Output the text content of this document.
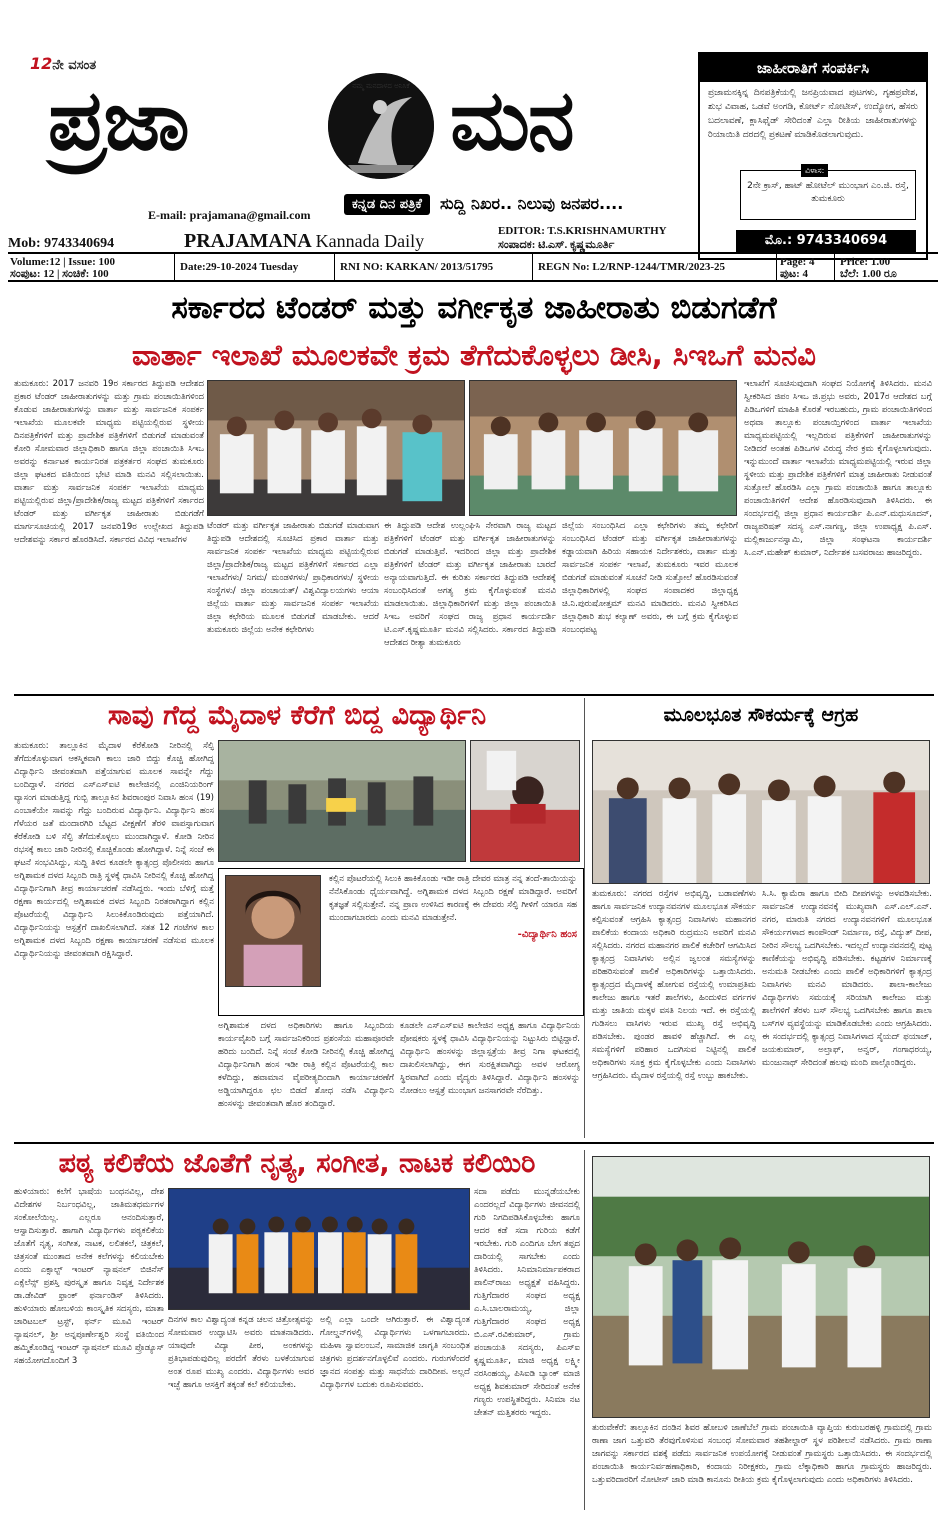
12ನೇ ವಸಂತ
ಪ್ರಜಾ	ಮನ
ನಮ್ಮ ಮನದಾಳದ ಅನಿಸಿಕೆ
ಕನ್ನಡ ದಿನ ಪತ್ರಿಕೆ	ಸುದ್ದಿ ನಿಖರ.. ನಿಲುವು ಜನಪರ....
E-mail: prajamana@gmail.com
Mob: 9743340694	PRAJAMANA Kannada Daily	EDITOR: T.S.KRISHNAMURTHY
ಸಂಪಾದಕ: ಟಿ.ಎಸ್. ಕೃಷ್ಣಮೂರ್ತಿ
ಜಾಹೀರಾತಿಗೆ ಸಂಪರ್ಕಿಸಿ
ಪ್ರಜಾಮನಕ್ಕಿನ್ನ ದಿನಪತ್ರಿಕೆಯಲ್ಲಿ ಜನಪ್ರಿಯವಾದ ಪುಟಗಳು, ಗೃಹಪ್ರವೇಶ, ಶುಭ ವಿವಾಹ, ಒಡವೆ ಅಂಗಡಿ, ಕೋರ್ಟ್ ನೋಟೀಸ್, ಉದ್ಯೋಗ, ಹೆಸರು ಬದಲಾವಣೆ, ಕ್ಲಾಸಿಫೈಡ್ ಸೇರಿದಂತೆ ಎಲ್ಲಾ ರೀತಿಯ ಜಾಹೀರಾತುಗಳನ್ನು ರಿಯಾಯಿತಿ ದರದಲ್ಲಿ ಪ್ರಕಟಣೆ ಮಾಡಿಕೊಡಲಾಗುವುದು.
ವಿಳಾಸ:
2ನೇ ಕ್ರಾಸ್, ಹಾಟ್ ಹೋಟೆಲ್ ಮುಂಭಾಗ ಎಂ.ಜಿ. ರಸ್ತೆ, ತುಮಕೂರು
ಮೊ.: 9743340694
Volume:12 | Issue: 100
ಸಂಪುಟ: 12 | ಸಂಚಿಕೆ: 100
Date:29-10-2024 Tuesday	RNI NO: KARKAN/ 2013/51795	REGN No: L2/RNP-1244/TMR/2023-25	Page: 4
ಪುಟ: 4
Price: 1.00
ಬೆಲೆ: 1.00 ರೂ
ಸರ್ಕಾರದ ಟೆಂಡರ್ ಮತ್ತು ವರ್ಗೀಕೃತ ಜಾಹೀರಾತು ಬಿಡುಗಡೆಗೆ
ವಾರ್ತಾ ಇಲಾಖೆ ಮೂಲಕವೇ ಕ್ರಮ ತೆಗೆದುಕೊಳ್ಳಲು ಡೀಸಿ, ಸಿಇಒಗೆ ಮನವಿ
ತುಮಕೂರು: 2017 ಜನವರಿ 19ರ ಸರ್ಕಾರದ ತಿದ್ದುಪಡಿ ಆದೇಶದ ಪ್ರಕಾರ ಟೆಂಡರ್ ಜಾಹೀರಾತುಗಳನ್ನು ಮತ್ತು ಗ್ರಾಮ ಪಂಚಾಯಿತಿಗಳಿಂದ ಕೊಡುವ ಜಾಹೀರಾತುಗಳನ್ನು ವಾರ್ತಾ ಮತ್ತು ಸಾರ್ವಜನಿಕ ಸಂಪರ್ಕ ಇಲಾಖೆಯ ಮೂಲಕವೇ ಮಾಧ್ಯಮ ಪಟ್ಟಿಯಲ್ಲಿರುವ ಸ್ಥಳೀಯ ದಿನಪತ್ರಿಕೆಗಳಿಗೆ ಮತ್ತು ಪ್ರಾದೇಶಿಕ ಪತ್ರಿಕೆಗಳಿಗೆ ಬಿಡುಗಡೆ ಮಾಡುವಂತೆ ಕೋರಿ ಸೋಮವಾರ ಜಿಲ್ಲಾಧಿಕಾರಿ ಹಾಗೂ ಜಿಲ್ಲಾ ಪಂಚಾಯಿತಿ ಸಿಇಒ ಅವರನ್ನು ಕರ್ನಾಟಕ ಕಾರ್ಯನಿರತ ಪತ್ರಕರ್ತರ ಸಂಘದ ತುಮಕೂರು ಜಿಲ್ಲಾ ಘಟಕದ ವತಿಯಿಂದ ಭೇಟಿ ಮಾಡಿ ಮನವಿ ಸಲ್ಲಿಸಲಾಯಿತು. ವಾರ್ತಾ ಮತ್ತು ಸಾರ್ವಜನಿಕ ಸಂಪರ್ಕ ಇಲಾಖೆಯ ಮಾಧ್ಯಮ ಪಟ್ಟಿಯಲ್ಲಿರುವ ಜಿಲ್ಲಾ/ಪ್ರಾದೇಶಿಕ/ರಾಜ್ಯ ಮಟ್ಟದ ಪತ್ರಿಕೆಗಳಿಗೆ ಸರ್ಕಾರದ ಟೆಂಡರ್ ಮತ್ತು ವರ್ಗೀಕೃತ ಜಾಹೀರಾತು ಬಿಡುಗಡೆಗೆ ಮಾರ್ಗಸೂಚಿಯಲ್ಲಿ 2017 ಜನವರಿ19ರ ಉಲ್ಲೇಖದ ತಿದ್ದುಪಡಿ ಆದೇಶವನ್ನು ಸರ್ಕಾರ ಹೊರಡಿಸಿದೆ. ಸರ್ಕಾರದ ವಿವಿಧ ಇಲಾಖೆಗಳ
ಟೆಂಡರ್ ಮತ್ತು ವರ್ಗೀಕೃತ ಜಾಹೀರಾತು ಬಿಡುಗಡೆ ಮಾಡುವಾಗ ತಿದ್ದುಪಡಿ ಆದೇಶದಲ್ಲಿ ಸೂಚಿಸಿದ ಪ್ರಕಾರ ವಾರ್ತಾ ಮತ್ತು ಸಾರ್ವಜನಿಕ ಸಂಪರ್ಕ ಇಲಾಖೆಯ ಮಾಧ್ಯಮ ಪಟ್ಟಿಯಲ್ಲಿರುವ ಜಿಲ್ಲಾ/ಪ್ರಾದೇಶಿಕ/ರಾಜ್ಯ ಮಟ್ಟದ ಪತ್ರಿಕೆಗಳಿಗೆ ಸರ್ಕಾರದ ಎಲ್ಲಾ ಇಲಾಖೆಗಳು/ ನಿಗಮ/ ಮಂಡಳಿಗಳು/ ಪ್ರಾಧಿಕಾರಗಳು/ ಸ್ಥಳೀಯ ಸಂಸ್ಥೆಗಳು/ ಜಿಲ್ಲಾ ಪಂಚಾಯತ್/ ವಿಶ್ವವಿದ್ಯಾಲಯಗಳು ಆಯಾ ಜಿಲ್ಲೆಯ ವಾರ್ತಾ ಮತ್ತು ಸಾರ್ವಜನಿಕ ಸಂಪರ್ಕ ಇಲಾಖೆಯ ಜಿಲ್ಲಾ ಕಛೇರಿಯ ಮೂಲಕ ಬಿಡುಗಡೆ ಮಾಡಬೇಕು. ಆದರೆ ತುಮಕೂರು ಜಿಲ್ಲೆಯ ಅನೇಕ ಕಛೇರಿಗಳು
ಈ ತಿದ್ದುಪಡಿ ಆದೇಶ ಉಲ್ಲಂಘಿಸಿ ನೇರವಾಗಿ ರಾಜ್ಯ ಮಟ್ಟದ ಪತ್ರಿಕೆಗಳಿಗೆ ಟೆಂಡರ್ ಮತ್ತು ವರ್ಗೀಕೃತ ಜಾಹೀರಾತುಗಳನ್ನು ಬಿಡುಗಡೆ ಮಾಡುತ್ತಿವೆ. ಇದರಿಂದ ಜಿಲ್ಲಾ ಮತ್ತು ಪ್ರಾದೇಶಿಕ ಪತ್ರಿಕೆಗಳಿಗೆ ಟೆಂಡರ್ ಮತ್ತು ವರ್ಗೀಕೃತ ಜಾಹೀರಾತು ಬಾರದೆ ಅನ್ಯಾಯವಾಗುತ್ತಿದೆ. ಈ ಕುರಿತು ಸರ್ಕಾರದ ತಿದ್ದುಪಡಿ ಆದೇಶಕ್ಕೆ ಸಂಬಂಧಿಸಿದಂತೆ ಅಗತ್ಯ ಕ್ರಮ ಕೈಗೊಳ್ಳುವಂತೆ ಮನವಿ ಮಾಡಲಾಯಿತು. ಜಿಲ್ಲಾಧಿಕಾರಿಗಳಿಗೆ ಮತ್ತು ಜಿಲ್ಲಾ ಪಂಚಾಯಿತಿ ಸಿಇಒ ಅವರಿಗೆ ಸಂಘದ ರಾಜ್ಯ ಪ್ರಧಾನ ಕಾರ್ಯದರ್ಶಿ ಟಿ.ಎಸ್.ಕೃಷ್ಣಮೂರ್ತಿ ಮನವಿ ಸಲ್ಲಿಸಿದರು. ಸರ್ಕಾರದ ತಿದ್ದುಪಡಿ ಆದೇಶದ ರೀತ್ಯಾ ತುಮಕೂರು
ಜಿಲ್ಲೆಯ ಸಂಬಂಧಿಸಿದ ಎಲ್ಲಾ ಕಛೇರಿಗಳು ತಮ್ಮ ಕಛೇರಿಗೆ ಸಂಬಂಧಿಸಿದ ಟೆಂಡರ್ ಮತ್ತು ವರ್ಗೀಕೃತ ಜಾಹೀರಾತುಗಳನ್ನು ಕಡ್ಡಾಯವಾಗಿ ಹಿರಿಯ ಸಹಾಯಕ ನಿರ್ದೇಶಕರು, ವಾರ್ತಾ ಮತ್ತು ಸಾರ್ವಜನಿಕ ಸಂಪರ್ಕ ಇಲಾಖೆ, ತುಮಕೂರು ಇವರ ಮೂಲಕ ಬಿಡುಗಡೆ ಮಾಡುವಂತೆ ಸೂಚನೆ ನೀಡಿ ಸುತ್ತೋಲೆ ಹೊರಡಿಸುವಂತೆ ಜಿಲ್ಲಾಧಿಕಾರಿಗಳಲ್ಲಿ ಸಂಘದ ಸಂಪಾದಕರ ಜಿಲ್ಲಾಧ್ಯಕ್ಷ ಚಿ.ನಿ.ಪುರುಷೋತ್ತಮ್ ಮನವಿ ಮಾಡಿದರು. ಮನವಿ ಸ್ವೀಕರಿಸಿದ ಜಿಲ್ಲಾಧಿಕಾರಿ ಶುಭ ಕಲ್ಯಾಣ್ ಅವರು, ಈ ಬಗ್ಗೆ ಕ್ರಮ ಕೈಗೊಳ್ಳುವ ಸಂಬಂಧಪಟ್ಟ
ಇಲಾಖೆಗೆ ಸೂಚಿಸುವುದಾಗಿ ಸಂಘದ ನಿಯೋಗಕ್ಕೆ ತಿಳಿಸಿದರು. ಮನವಿ ಸ್ವೀಕರಿಸಿದ ಜಿಪಂ ಸಿಇಒ ಜಿ.ಪ್ರಭು ಅವರು, 2017ರ ಆದೇಶದ ಬಗ್ಗೆ ಪಿಡಿಒಗಳಿಗೆ ಮಾಹಿತಿ ಕೊರತೆ ಇರಬಹುದು, ಗ್ರಾಮ ಪಂಚಾಯಿತಿಗಳಿಂದ ಅಥವಾ ತಾಲ್ಲೂಕು ಪಂಚಾಯ್ತಿಗಳಿಂದ ವಾರ್ತಾ ಇಲಾಖೆಯ ಮಾಧ್ಯಮಪಟ್ಟಿಯಲ್ಲಿ ಇಲ್ಲದಿರುವ ಪತ್ರಿಕೆಗಳಿಗೆ ಜಾಹೀರಾತುಗಳನ್ನು ನೀಡಿದರೆ ಅಂತಹ ಪಿಡಿಒಗಳ ವಿರುದ್ಧ ನೇರ ಕ್ರಮ ಕೈಗೊಳ್ಳಲಾಗುವುದು. ಇನ್ನುಮುಂದೆ ವಾರ್ತಾ ಇಲಾಖೆಯ ಮಾಧ್ಯಮಪಟ್ಟಿಯಲ್ಲಿ ಇರುವ ಜಿಲ್ಲಾ ಸ್ಥಳೀಯ ಮತ್ತು ಪ್ರಾದೇಶಿಕ ಪತ್ರಿಕೆಗಳಿಗೆ ಮಾತ್ರ ಜಾಹೀರಾತು ನೀಡುವಂತೆ ಸುತ್ತೋಲೆ ಹೊರಡಿಸಿ ಎಲ್ಲಾ ಗ್ರಾಮ ಪಂಚಾಯಿತಿ ಹಾಗೂ ತಾಲ್ಲೂಕು ಪಂಚಾಯಿತಿಗಳಿಗೆ ಆದೇಶ ಹೊರಡಿಸುವುದಾಗಿ ತಿಳಿಸಿದರು. ಈ ಸಂದರ್ಭದಲ್ಲಿ ಜಿಲ್ಲಾ ಪ್ರಧಾನ ಕಾರ್ಯದರ್ಶಿ ಪಿ.ಎನ್.ಮಧುಸೂದನ್, ರಾಜ್ಯಪರಿಷತ್ ಸದಸ್ಯ ಎಸ್.ನಾಗಣ್ಣ, ಜಿಲ್ಲಾ ಉಪಾಧ್ಯಕ್ಷ ಪಿ.ಎಸ್. ಮಲ್ಲಿಕಾರ್ಜುನಸ್ವಾಮಿ, ಜಿಲ್ಲಾ ಸಂಘಟನಾ ಕಾರ್ಯದರ್ಶಿ ಸಿ.ಎನ್.ಮಹೇಶ್ ಕುಮಾರ್, ನಿರ್ದೇಶಕ ಬಸವರಾಜು ಹಾಜರಿದ್ದರು.
ಸಾವು ಗೆದ್ದ ಮೈದಾಳ ಕೆರೆಗೆ ಬಿದ್ದ ವಿದ್ಯಾರ್ಥಿನಿ
ತುಮಕೂರು: ತಾಲ್ಲೂಕಿನ ಮೈದಾಳ ಕೆರೆಕೋಡಿ ನೀರಿನಲ್ಲಿ ಸೆಲ್ಫಿ ತೆಗೆದುಕೊಳ್ಳುವಾಗ ಆಕಸ್ಮಿಕವಾಗಿ ಕಾಲು ಜಾರಿ ಬಿದ್ದು ಕೊಚ್ಚಿ ಹೋಗಿದ್ದ ವಿದ್ಯಾರ್ಥಿನಿ ಜೀವಂತವಾಗಿ ಪತ್ತೆಯಾಗುವ ಮೂಲಕ ಸಾವನ್ನೇ ಗೆದ್ದು ಬಂದಿದ್ದಾಳೆ. ನಗರದ ಎಸ್‌ಎಸ್‌ಐಟಿ ಕಾಲೇಜಿನಲ್ಲಿ ಎಂಜಿನಿಯರಿಂಗ್ ವ್ಯಾಸಂಗ ಮಾಡುತ್ತಿದ್ದ ಗುಬ್ಬಿ ತಾಲ್ಲೂಕಿನ ಶಿವರಾಂಪುರ ನಿವಾಸಿ ಹಂಸ (19) ಎಂಬಾಕೆಯೇ ಸಾವನ್ನು ಗೆದ್ದು ಬಂದಿರುವ ವಿದ್ಯಾರ್ಥಿನಿ. ವಿದ್ಯಾರ್ಥಿನಿ ಹಂಸ ಗೆಳೆಯರ ಜತೆ ಮಂದಾರಗಿರಿ ಬೆಟ್ಟದ ವೀಕ್ಷಣೆಗೆ ತೆರಳಿ ವಾಪಸ್ಸಾಗುವಾಗ ಕೆರೆಕೋಡಿ ಬಳಿ ಸೆಲ್ಫಿ ತೆಗೆದುಕೊಳ್ಳಲು ಮುಂದಾಗಿದ್ದಾಳೆ. ಕೋಡಿ ನೀರಿನ ರಭಸಕ್ಕೆ ಕಾಲು ಜಾರಿ ನೀರಿನಲ್ಲಿ ಕೊಚ್ಚಿಕೊಂಡು ಹೋಗಿದ್ದಾಳೆ. ನಿನ್ನೆ ಸಂಜೆ ಈ ಘಟನೆ ಸಂಭವಿಸಿದ್ದು, ಸುದ್ದಿ ತಿಳಿದ ಕೂಡಲೇ ಕ್ಯಾತ್ಸಂದ್ರ ಪೊಲೀಸರು ಹಾಗೂ ಅಗ್ನಿಶಾಮಕ ದಳದ ಸಿಬ್ಬಂದಿ ರಾತ್ರಿ ಸ್ಥಳಕ್ಕೆ ಧಾವಿಸಿ ನೀರಿನಲ್ಲಿ ಕೊಚ್ಚಿ ಹೋಗಿದ್ದ ವಿದ್ಯಾರ್ಥಿನಿಗಾಗಿ ತೀವ್ರ ಕಾರ್ಯಾಚರಣೆ ನಡೆಸಿದ್ದರು. ಇಂದು ಬೆಳಿಗ್ಗೆ ಮತ್ತೆ ರಕ್ಷಣಾ ಕಾರ್ಯದಲ್ಲಿ ಅಗ್ನಿಶಾಮಕ ದಳದ ಸಿಬ್ಬಂದಿ ನಿರತರಾಗಿದ್ದಾಗ ಕಲ್ಲಿನ ಪೊಟರೆಯಲ್ಲಿ ವಿದ್ಯಾರ್ಥಿನಿ ಸಿಲುಕಿಕೊಂಡಿರುವುದು ಪತ್ತೆಯಾಗಿದೆ. ವಿದ್ಯಾರ್ಥಿನಿಯನ್ನು ಆಸ್ಪತ್ರೆಗೆ ದಾಖಲಿಸಲಾಗಿದೆ. ಸತತ 12 ಗಂಟೆಗಳ ಕಾಲ ಅಗ್ನಿಶಾಮಕ ದಳದ ಸಿಬ್ಬಂದಿ ರಕ್ಷಣಾ ಕಾರ್ಯಾಚರಣೆ ನಡೆಸುವ ಮೂಲಕ ವಿದ್ಯಾರ್ಥಿನಿಯನ್ನು ಜೀವಂತವಾಗಿ ರಕ್ಷಿಸಿದ್ದಾರೆ.
ಕಲ್ಲಿನ ಪೊಟರೆಯಲ್ಲಿ ಸಿಲುಕಿ ಹಾಕಿಕೊಂಡು ಇಡೀ ರಾತ್ರಿ ದೇವರ ಮಾತ್ರ ನನ್ನ ತಂದೆ-ತಾಯಿಯನ್ನು ನೆನೆಸಿಕೊಂಡು ಧೈರ್ಯವಾಗಿದ್ದೆ. ಅಗ್ನಿಶಾಮಕ ದಳದ ಸಿಬ್ಬಂದಿ ರಕ್ಷಣೆ ಮಾಡಿದ್ದಾರೆ. ಅವರಿಗೆ ಕೃತಜ್ಞತೆ ಸಲ್ಲಿಸುತ್ತೇನೆ. ನನ್ನ ಪ್ರಾಣ ಉಳಿಸಿದ ಕಾರಣಕ್ಕೆ ಈ ದೇವರು ಸೆಲ್ಫಿ ಗೀಳಿಗೆ ಯಾರೂ ಸಹ ಮುಂದಾಗಬಾರದು ಎಂದು ಮನವಿ ಮಾಡುತ್ತೇನೆ.
-ವಿದ್ಯಾರ್ಥಿನಿ ಹಂಸ
ಅಗ್ನಿಶಾಮಕ ದಳದ ಅಧಿಕಾರಿಗಳು ಹಾಗೂ ಸಿಬ್ಬಂದಿಯ ಕಾರ್ಯವೈಖರಿ ಬಗ್ಗೆ ಸಾರ್ವಜನಿಕರಿಂದ ಪ್ರಶಂಸೆಯ ಮಹಾಪೂರವೇ ಹರಿದು ಬಂದಿದೆ. ನಿನ್ನೆ ಸಂಜೆ ಕೋಡಿ ನೀರಿನಲ್ಲಿ ಕೊಚ್ಚಿ ಹೋಗಿದ್ದ ವಿದ್ಯಾರ್ಥಿನಿಗಾಗಿ ಹಂಸ ಇಡೀ ರಾತ್ರಿ ಕಲ್ಲಿನ ಪೊಟರೆಯಲ್ಲಿ ಕಾಲ ಕಳೆದಿದ್ದು, ಹವಾಮಾನ ವೈಪರೀತ್ಯದಿಂದಾಗಿ ಕಾರ್ಯಾಚರಣೆಗೆ ಅಡ್ಡಿಯಾಗಿದ್ದರೂ ಛಲ ಬಿಡದೆ ಶೋಧ ನಡೆಸಿ ವಿದ್ಯಾರ್ಥಿನಿ ಹಂಸಳನ್ನು ಜೀವಂತವಾಗಿ ಹೊರ ತಂದಿದ್ದಾರೆ.
ಕೂಡಲೇ ಎಸ್‌ಎಸ್‌ಐಟಿ ಕಾಲೇಜಿನ ಅಧ್ಯಕ್ಷ ಹಾಗೂ ವಿದ್ಯಾರ್ಥಿನಿಯ ಪೋಷಕರು ಸ್ಥಳಕ್ಕೆ ಧಾವಿಸಿ ವಿದ್ಯಾರ್ಥಿನಿಯನ್ನು ನಿಟ್ಟುಸಿರು ಬಿಟ್ಟಿದ್ದಾರೆ. ವಿದ್ಯಾರ್ಥಿನಿ ಹಂಸಳನ್ನು ಜಿಲ್ಲಾಸ್ಪತ್ರೆಯ ತೀವ್ರ ನಿಗಾ ಘಟಕದಲ್ಲಿ ದಾಖಲಿಸಲಾಗಿದ್ದು, ಈಗ ಸುರಕ್ಷಿತವಾಗಿದ್ದು ಅವಳ ಆರೋಗ್ಯ ಸ್ಥಿರವಾಗಿದೆ ಎಂದು ವೈದ್ಯರು ತಿಳಿಸಿದ್ದಾರೆ. ವಿದ್ಯಾರ್ಥಿನಿ ಹಂಸಳನ್ನು ನೋಡಲು ಆಸ್ಪತ್ರೆ ಮುಂಭಾಗ ಜನಸಾಗರವೇ ನೆರೆದಿತ್ತು.
ಮೂಲಭೂತ ಸೌಕರ್ಯಕ್ಕೆ ಆಗ್ರಹ
ತುಮಕೂರು: ನಗರದ ರಸ್ತೆಗಳ ಅಭಿವೃದ್ಧಿ, ಬಡಾವಣೆಗಳು ಹಾಗೂ ಸಾರ್ವಜನಿಕ ಉದ್ಯಾನವನಗಳ ಮೂಲಭೂತ ಸೌಕರ್ಯ ಕಲ್ಪಿಸುವಂತೆ ಆಗ್ರಹಿಸಿ ಕ್ಯಾತ್ಸಂದ್ರ ನಿವಾಸಿಗಳು ಮಹಾನಗರ ಪಾಲಿಕೆಯ ಕಂದಾಯ ಅಧಿಕಾರಿ ರುದ್ರಮುನಿ ಅವರಿಗೆ ಮನವಿ ಸಲ್ಲಿಸಿದರು. ನಗರದ ಮಹಾನಗರ ಪಾಲಿಕೆ ಕಚೇರಿಗೆ ಆಗಮಿಸಿದ ಕ್ಯಾತ್ಸಂದ್ರ ನಿವಾಸಿಗಳು ಅಲ್ಲಿನ ಜ್ವಲಂತ ಸಮಸ್ಯೆಗಳನ್ನು ಪರಿಹರಿಸುವಂತೆ ಪಾಲಿಕೆ ಅಧಿಕಾರಿಗಳನ್ನು ಒತ್ತಾಯಿಸಿದರು. ಕ್ಯಾತ್ಸಂದ್ರದ ಮೈದಾಳಕ್ಕೆ ಹೋಗುವ ರಸ್ತೆಯಲ್ಲಿ ಉಮಾಪ್ರತಿಮ ಕಾಲೇಜು ಹಾಗೂ ಇತರೆ ಶಾಲೆಗಳು, ಹಿಂದುಳಿದ ವರ್ಗಗಳ ಮತ್ತು ಜಾತಿಯ ಮಕ್ಕಳ ವಸತಿ ನಿಲಯ ಇದೆ. ಈ ರಸ್ತೆಯಲ್ಲಿ ಗುಡಿಸಲು ವಾಸಿಗಳು ಇರುವ ಮುಖ್ಯ ರಸ್ತೆ ಅಭಿವೃದ್ಧಿ ಪಡಿಸಬೇಕು. ಪುಂಡರ ಹಾವಳಿ ಹೆಚ್ಚಾಗಿದೆ. ಈ ಎಲ್ಲ ಸಮಸ್ಯೆಗಳಿಗೆ ಪರಿಹಾರ ಒದಗಿಸುವ ನಿಟ್ಟಿನಲ್ಲಿ ಪಾಲಿಕೆ ಅಧಿಕಾರಿಗಳು ಸೂಕ್ತ ಕ್ರಮ ಕೈಗೊಳ್ಳಬೇಕು ಎಂದು ನಿವಾಸಿಗಳು ಆಗ್ರಹಿಸಿದರು. ಮೈದಾಳ ರಸ್ತೆಯಲ್ಲಿ ರಸ್ತೆ ಉಬ್ಬು ಹಾಕಬೇಕು.
ಸಿ.ಸಿ. ಕ್ಯಾಮೆರಾ ಹಾಗೂ ಬೀದಿ ದೀಪಗಳನ್ನು ಅಳವಡಿಸಬೇಕು. ಸಾರ್ವಜನಿಕ ಉದ್ಯಾನವನಕ್ಕೆ ಮುಖ್ಯವಾಗಿ ಎಸ್.ಎಲ್.ಎನ್. ನಗರ, ಮಾರುತಿ ನಗರದ ಉದ್ಯಾನವನಗಳಿಗೆ ಮೂಲಭೂತ ಸೌಕರ್ಯಗಳಾದ ಕಾಂಪೌಂಡ್ ನಿರ್ಮಾಣ, ರಸ್ತೆ, ವಿದ್ಯುತ್ ದೀಪ, ನೀರಿನ ಸೌಲಭ್ಯ ಒದಗಿಸಬೇಕು. ಇದಲ್ಲದೆ ಉದ್ಯಾನವನದಲ್ಲಿ ಪುಟ್ಟ ಕಾಣಿಕೆಯನ್ನು ಅಭಿವೃದ್ಧಿ ಪಡಿಸಬೇಕು. ಕಟ್ಟಡಗಳ ನಿರ್ಮಾಣಕ್ಕೆ ಅನುಮತಿ ನೀಡಬೇಕು ಎಂದು ಪಾಲಿಕೆ ಅಧಿಕಾರಿಗಳಿಗೆ ಕ್ಯಾತ್ಸಂದ್ರ ನಿವಾಸಿಗಳು ಮನವಿ ಮಾಡಿದರು. ಶಾಲಾ-ಕಾಲೇಜು ವಿದ್ಯಾರ್ಥಿಗಳು ಸಮಯಕ್ಕೆ ಸರಿಯಾಗಿ ಕಾಲೇಜು ಮತ್ತು ಶಾಲೆಗಳಿಗೆ ತೆರಳು ಬಸ್ ಸೌಲಭ್ಯ ಒದಗಿಸಬೇಕು ಹಾಗೂ ಶಾಲಾ ಬಸ್‌ಗಳ ವ್ಯವಸ್ಥೆಯನ್ನು ಮಾಡಿಕೊಡಬೇಕು ಎಂದು ಆಗ್ರಹಿಸಿದರು. ಈ ಸಂದರ್ಭದಲ್ಲಿ ಕ್ಯಾತ್ಸಂದ್ರ ನಿವಾಸಿಗಳಾದ ಸೈಯದ್ ಫಯಾಜ್, ಜಯಕುಮಾರ್, ಅಲ್ತಾಫ್, ಅನ್ವರ್, ಗಂಗಾಧರಯ್ಯ, ಮಂಜುನಾಥ್ ಸೇರಿದಂತೆ ಹಲವು ಮಂದಿ ಪಾಲ್ಗೊಂಡಿದ್ದರು.
ಪಠ್ಯ ಕಲಿಕೆಯ ಜೊತೆಗೆ ನೃತ್ಯ, ಸಂಗೀತ, ನಾಟಕ ಕಲಿಯಿರಿ
ಹುಳಿಯಾರು: ಕಲೆಗೆ ಭಾಷೆಯ ಬಂಧನವಿಲ್ಲ, ದೇಶ ವಿದೇಶಗಳ ನಿರ್ಬಂಧವಿಲ್ಲ, ಜಾತಿಮತಧರ್ಮಗಳ ಸಂಕೋಲೆಯಿಲ್ಲ. ಎಲ್ಲರೂ ಆನಂದಿಸುತ್ತಾರೆ, ಆಸ್ವಾದಿಸುತ್ತಾರೆ. ಹಾಗಾಗಿ ವಿದ್ಯಾರ್ಥಿಗಳು ಪಠ್ಯಕಲಿಕೆಯ ಜೊತೆಗೆ ನೃತ್ಯ, ಸಂಗೀತ, ನಾಟಕ, ಲಲಿತಕಲೆ, ಚಿತ್ರಕಲೆ, ಚಿತ್ರಸಂತೆ ಮುಂತಾದ ಅನೇಕ ಕಲೆಗಳನ್ನು ಕಲಿಯಬೇಕು ಎಂದು ಎಕ್ಸಾಲ್ಟ್ ಇಂಟರ್ ನ್ಯಾಷನಲ್ ಬಿಜಿನೆಸ್ ಎಕ್ಸೆಲೆನ್ಸ್ ಪ್ರಶಸ್ತಿ ಪುರಸ್ಕೃತ ಹಾಗೂ ನಿವೃತ್ತ ನಿರ್ದೇಶಕ ಡಾ.ಡೇವಿಡ್ ಫ್ರಾಂಕ್ ಫರ್ನಾಂಡಿಸ್ ತಿಳಿಸಿದರು. ಹುಳಿಯಾರು ಹೋಬಳಿಯ ಕಾಂಸ್ಕೃತಿಕ ಸದಸ್ಯರು, ಮಾತಾ ಚಾರಿಟಬಲ್ ಟ್ರಸ್ಟ್, ಫರ್ನ್ ಮೂವಿ ಇಂಟರ್ ನ್ಯಾಷನಲ್, ಶ್ರೀ ಅನ್ನಪೂರ್ಣೇಶ್ವರಿ ಸಂಸ್ಥೆ ವತಿಯಿಂದ ಹಮ್ಮಿಕೊಂಡಿದ್ದ ಇಂಟರ್ ನ್ಯಾಷನಲ್ ಮೂವಿ ಪ್ರೊಡ್ಯೂಸ್ ಸಹಯೋಗದೊಂದಿಗೆ 3
ದಿನಗಳ ಕಾಲ ವಿಶ್ವಾದ್ಯಂತ ಕನ್ನಡ ಚಲನ ಚಿತ್ರೋತ್ಸವನ್ನು ಸೋಮವಾರ ಉದ್ಘಾಟಿಸಿ ಅವರು ಮಾತನಾಡಿದರು. ಯಾವುದೇ ವಿದ್ಯಾ ಪೀಠ, ಅಂಕಗಳನ್ನು ಪ್ರತಿಭಾಪಡುವುದಿಲ್ಲ ಪರದೆಗೆ ತೆರಳು ಬಳಕೆಯಾಗುವ ಅಂತ ರೂಪ ಮುಖ್ಯ ಎಂದರು. ವಿದ್ಯಾರ್ಥಿಗಳು ಅವರ ಇಚ್ಛೆ ಹಾಗೂ ಆಸಕ್ತಿಗೆ ತಕ್ಕಂತೆ ಕಲೆ ಕಲಿಯಬೇಕು.
ಅಲ್ಲಿ ಎಲ್ಲಾ ಒಂದೇ ಆಗಿರುತ್ತಾರೆ. ಈ ವಿಶ್ವಾದ್ಯಂತ ಗೋಲ್ಡನ್‌ಗಳಲ್ಲಿ ವಿದ್ಯಾರ್ಥಿಗಳು ಒಳಗಾಗಬಾರದು. ಮಹಿಳಾ ಸ್ವಾವಲಂಬನೆ, ಸಾಮಾಜಿಕ ಜಾಗೃತಿ ಸಂಬಂಧಿತ ಚಿತ್ರಗಳು ಪ್ರದರ್ಶನಗೊಳ್ಳಲಿವೆ ಎಂದರು. ಗುರುಗಳೆಂದರೆ ಜ್ಞಾನದ ಸಂಪತ್ತು ಮತ್ತು ಸಾಧನೆಯ ದಾರಿದೀಪ. ಅಲ್ಲದೆ ವಿದ್ಯಾರ್ಥಿಗಳ ಬದುಕು ರೂಪಿಸುವವರು.
ಸದಾ ಪಡೆದು ಮುನ್ನಡೆಯಬೇಕು ಎಂದರಲ್ಲದೆ ವಿದ್ಯಾರ್ಥಿಗಳು ಜೀವನದಲ್ಲಿ ಗುರಿ ನಿಗದಿಪಡಿಸಿಕೊಳ್ಳಬೇಕು ಹಾಗೂ ಆದರ ಕಡೆ ಸದಾ ಗುರಿಯ ಕಡೆಗೆ ಇರಬೇಕು. ಗುರಿ ಎಂದಿಗೂ ಬೇಗ ತಪ್ಪದ ದಾರಿಯಲ್ಲಿ ಸಾಗಬೇಕು ಎಂದು ತಿಳಿಸಿದರು. ಸಿನಿಮಾನಿರ್ಮಾಪಕರಾದ ಪಾಲಿನ್‌ರಾಜು ಅಧ್ಯಕ್ಷತೆ ವಹಿಸಿದ್ದರು. ಗುತ್ತಿಗೆದಾರರ ಸಂಘದ ಅಧ್ಯಕ್ಷ ಎ.ಸಿ.ಬಾಲರಾಮಯ್ಯ, ಜಿಲ್ಲಾ ಗುತ್ತಿಗೆದಾರರ ಸಂಘದ ಅಧ್ಯಕ್ಷ ಬಿ.ಎಸ್.ರವಿಕುಮಾರ್, ಗ್ರಾಮ ಪಂಚಾಯತಿ ಸದಸ್ಯರು, ಪಿಎಸ್‌ಐ ಕೃಷ್ಣಮೂರ್ತಿ, ಮಾಜಿ ಅಧ್ಯಕ್ಷ ಲಕ್ಷ್ಮೀ ನರಸಿಂಹಯ್ಯ, ಪಿಸಿಐಡಿ ಬ್ಯಾಂಕ್ ಮಾಜಿ ಅಧ್ಯಕ್ಷ ಶಿವಕುಮಾರ್ ಸೇರಿದಂತೆ ಅನೇಕ ಗಣ್ಯರು ಉಪಸ್ಥಿತರಿದ್ದರು. ಸಿನಿಮಾ ನಟ ಚೇತನ್ ಮತ್ತಿತರರು ಇದ್ದರು.
ತುರುವೇಕೆರೆ: ತಾಲ್ಲೂಕಿನ ದಂಡಿನ ಶಿವರ ಹೋಬಳಿ ಜಾಣೆಬೆಲೆ ಗ್ರಾಮ ಪಂಚಾಯಿತಿ ವ್ಯಾಪ್ತಿಯ ಕುರುಬರಹಳ್ಳಿ ಗ್ರಾಮದಲ್ಲಿ ಗ್ರಾಮ ಠಾಣಾ ಜಾಗ ಒತ್ತುವರಿ ತೆರವುಗೊಳಿಸುವ ಸಂಬಂಧ ಸೋಮವಾರ ತಹಶೀಲ್ದಾರ್ ಸ್ಥಳ ಪರಿಶೀಲನೆ ನಡೆಸಿದರು. ಗ್ರಾಮ ಠಾಣಾ ಜಾಗವನ್ನು ಸರ್ಕಾರದ ವಶಕ್ಕೆ ಪಡೆದು ಸಾರ್ವಜನಿಕ ಉಪಯೋಗಕ್ಕೆ ನೀಡುವಂತೆ ಗ್ರಾಮಸ್ಥರು ಒತ್ತಾಯಿಸಿದರು. ಈ ಸಂದರ್ಭದಲ್ಲಿ ಪಂಚಾಯಿತಿ ಕಾರ್ಯನಿರ್ವಹಣಾಧಿಕಾರಿ, ಕಂದಾಯ ನಿರೀಕ್ಷಕರು, ಗ್ರಾಮ ಲೆಕ್ಕಾಧಿಕಾರಿ ಹಾಗೂ ಗ್ರಾಮಸ್ಥರು ಹಾಜರಿದ್ದರು. ಒತ್ತುವರಿದಾರರಿಗೆ ನೋಟೀಸ್ ಜಾರಿ ಮಾಡಿ ಕಾನೂನು ರೀತಿಯ ಕ್ರಮ ಕೈಗೊಳ್ಳಲಾಗುವುದು ಎಂದು ಅಧಿಕಾರಿಗಳು ತಿಳಿಸಿದರು.
